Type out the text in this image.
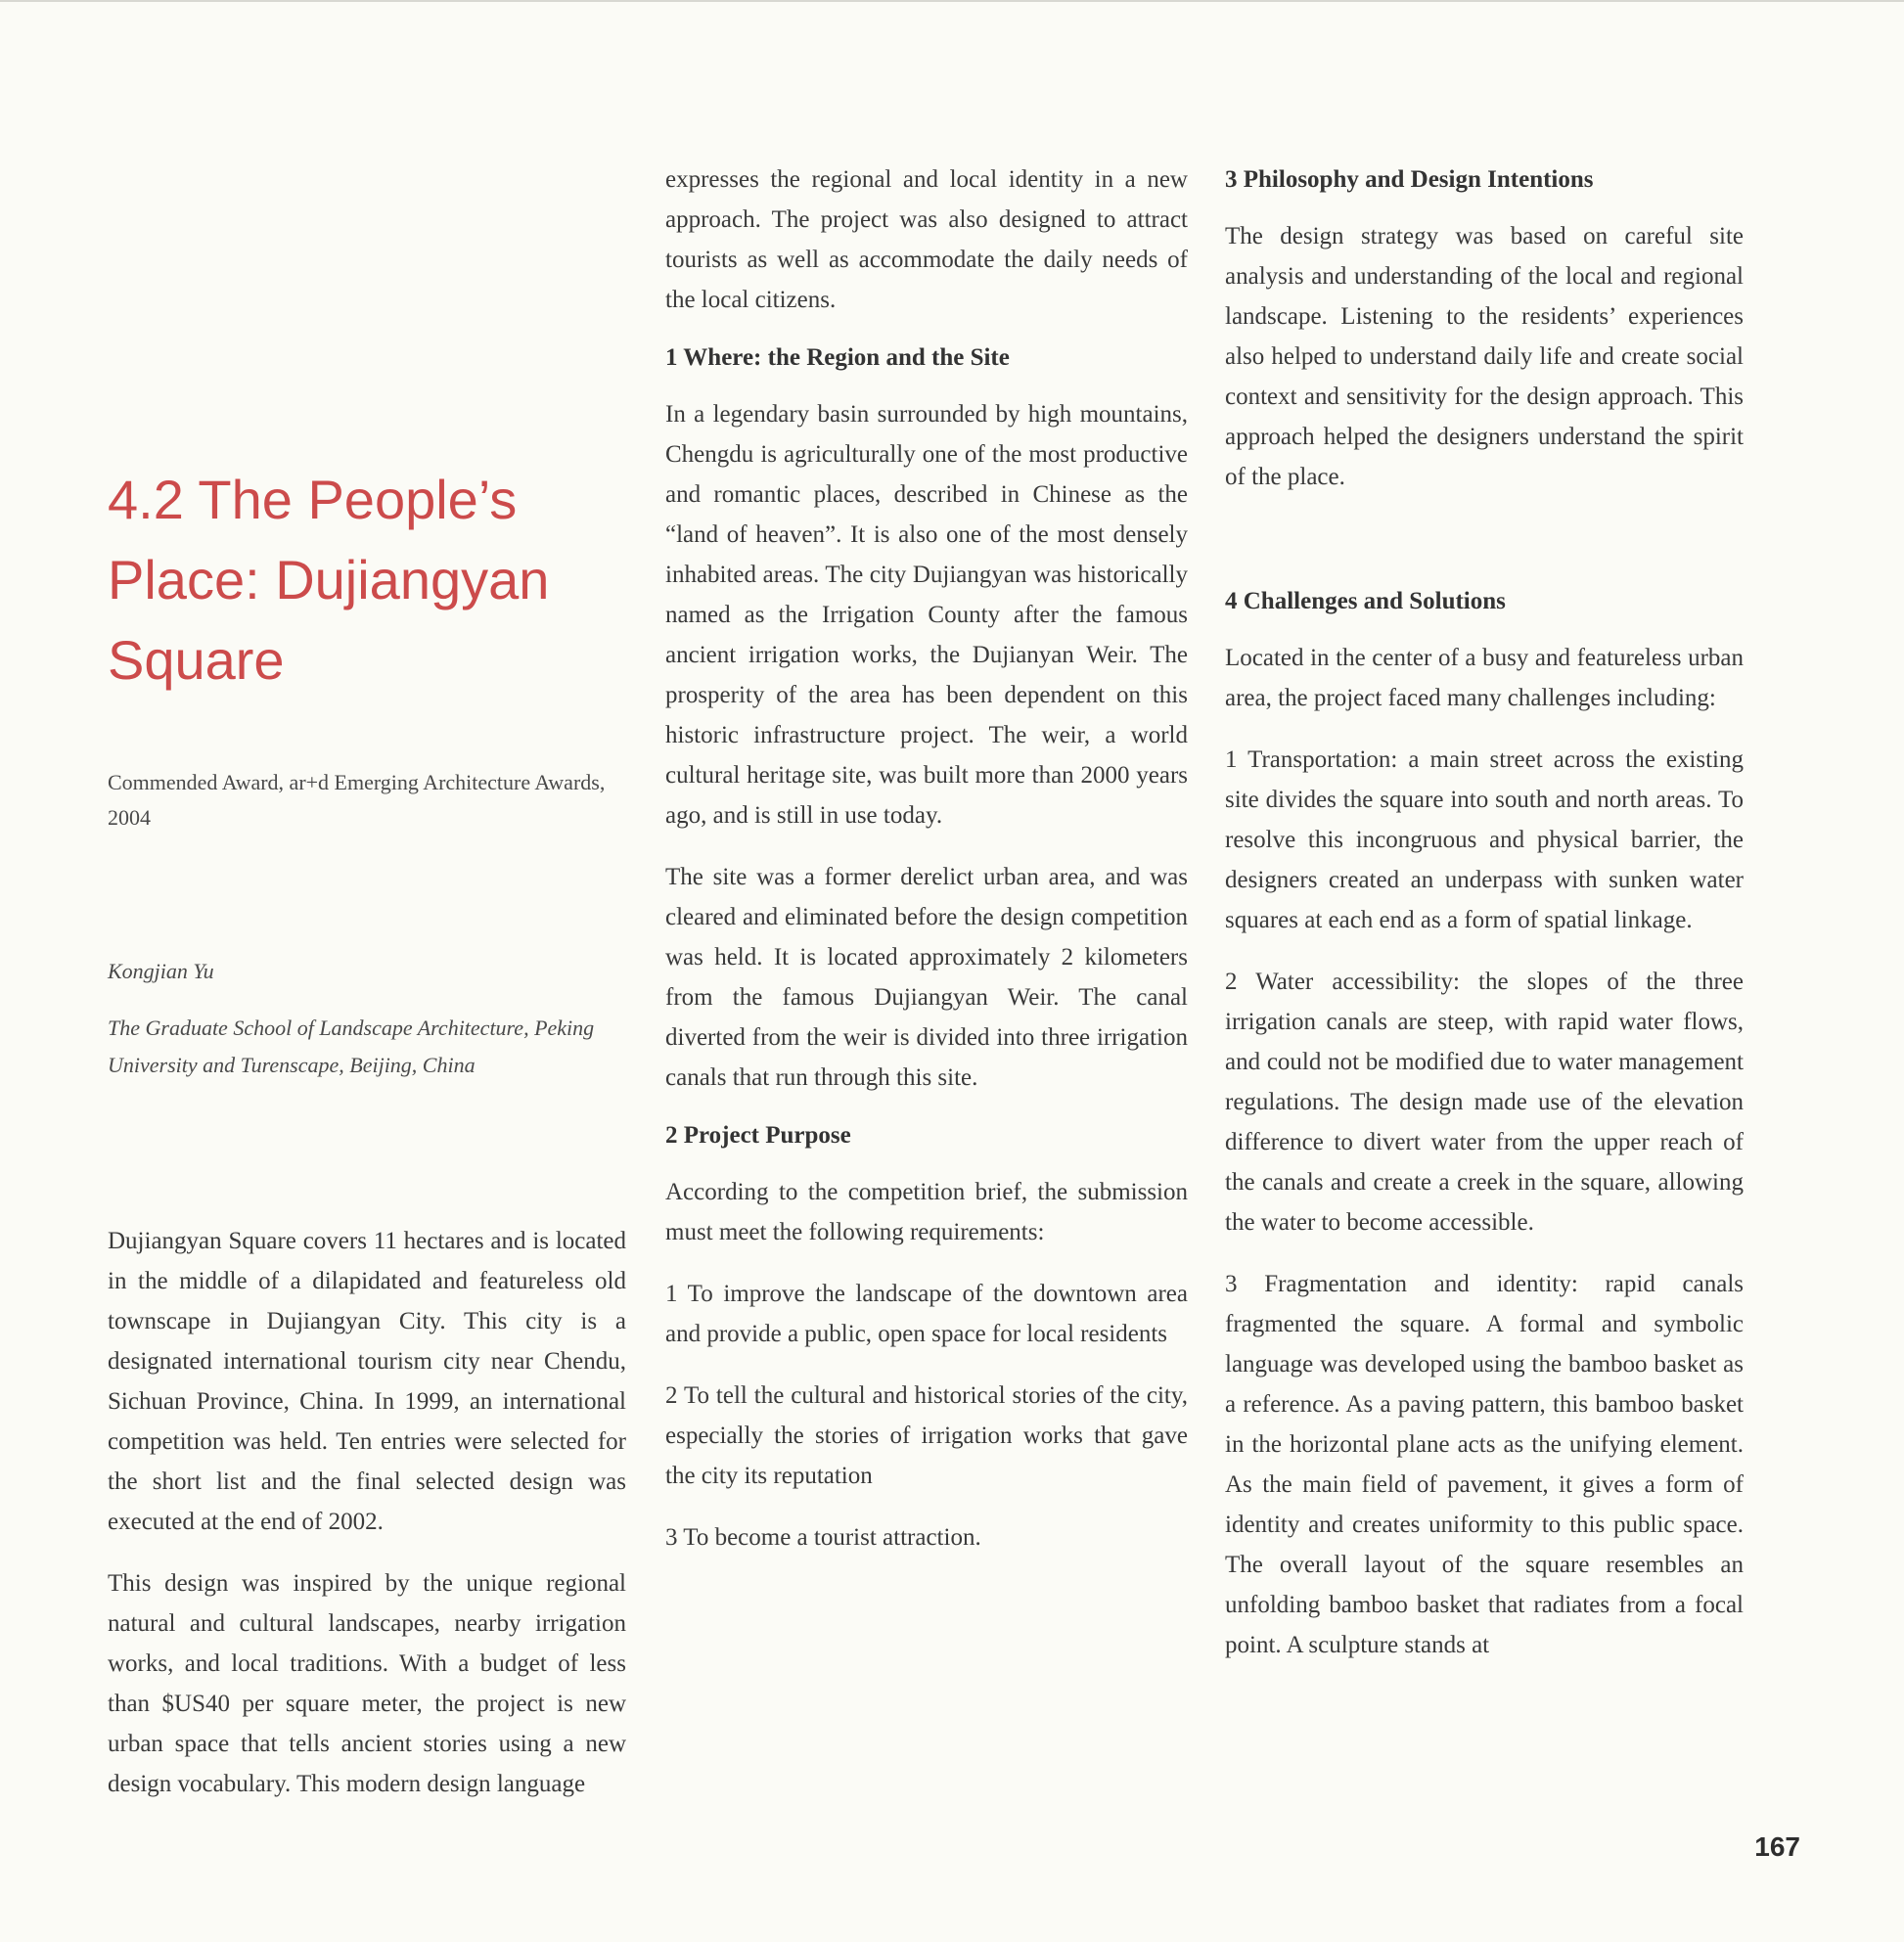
4.2 The People’s Place: Dujiangyan Square

Commended Award, ar+d Emerging Architecture Awards, 2004

Kongjian Yu

The Graduate School of Landscape Architecture, Peking University and Turenscape, Beijing, China

Dujiangyan Square covers 11 hectares and is located in the middle of a dilapidated and featureless old townscape in Dujiangyan City. This city is a designated international tourism city near Chendu, Sichuan Province, China. In 1999, an international competition was held. Ten entries were selected for the short list and the final selected design was executed at the end of 2002.

This design was inspired by the unique regional natural and cultural landscapes, nearby irrigation works, and local traditions. With a budget of less than $US40 per square meter, the project is new urban space that tells ancient stories using a new design vocabulary. This modern design language

expresses the regional and local identity in a new approach. The project was also designed to attract tourists as well as accommodate the daily needs of the local citizens.

1 Where: the Region and the Site

In a legendary basin surrounded by high mountains, Chengdu is agriculturally one of the most productive and romantic places, described in Chinese as the “land of heaven”. It is also one of the most densely inhabited areas. The city Dujiangyan was historically named as the Irrigation County after the famous ancient irrigation works, the Dujianyan Weir. The prosperity of the area has been dependent on this historic infrastructure project. The weir, a world cultural heritage site, was built more than 2000 years ago, and is still in use today.

The site was a former derelict urban area, and was cleared and eliminated before the design competition was held. It is located approximately 2 kilometers from the famous Dujiangyan Weir. The canal diverted from the weir is divided into three irrigation canals that run through this site.

2 Project Purpose

According to the competition brief, the submission must meet the following requirements:

1 To improve the landscape of the downtown area and provide a public, open space for local residents

2 To tell the cultural and historical stories of the city, especially the stories of irrigation works that gave the city its reputation

3 To become a tourist attraction.

3 Philosophy and Design Intentions

The design strategy was based on careful site analysis and understanding of the local and regional landscape. Listening to the residents’ experiences also helped to understand daily life and create social context and sensitivity for the design approach. This approach helped the designers understand the spirit of the place.

4 Challenges and Solutions

Located in the center of a busy and featureless urban area, the project faced many challenges including:

1 Transportation: a main street across the existing site divides the square into south and north areas. To resolve this incongruous and physical barrier, the designers created an underpass with sunken water squares at each end as a form of spatial linkage.

2 Water accessibility: the slopes of the three irrigation canals are steep, with rapid water flows, and could not be modified due to water management regulations. The design made use of the elevation difference to divert water from the upper reach of the canals and create a creek in the square, allowing the water to become accessible.

3 Fragmentation and identity: rapid canals fragmented the square. A formal and symbolic language was developed using the bamboo basket as a reference. As a paving pattern, this bamboo basket in the horizontal plane acts as the unifying element. As the main field of pavement, it gives a form of identity and creates uniformity to this public space. The overall layout of the square resembles an unfolding bamboo basket that radiates from a focal point. A sculpture stands at

167
